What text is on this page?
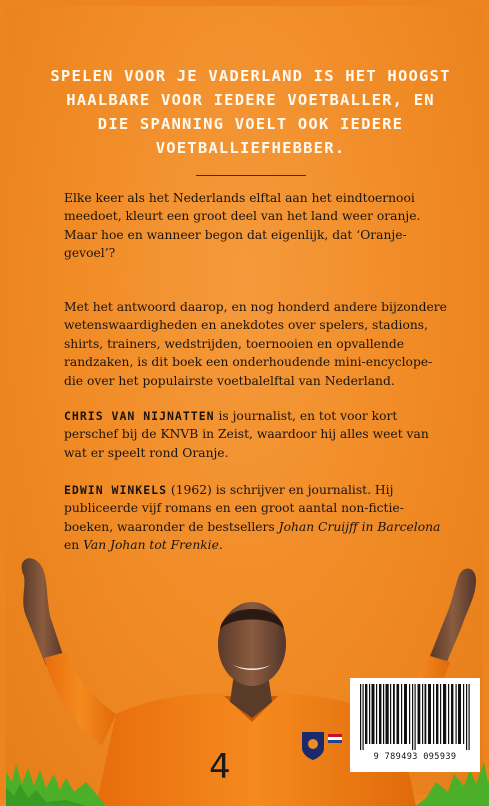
SPELEN VOOR JE VADERLAND IS HET HOOGST HAALBARE VOOR IEDERE VOETBALLER, EN DIE SPANNING VOELT OOK IEDERE VOETBALLIEFHEBBER.

Elke keer als het Nederlands elftal aan het eindtoernooi meedoet, kleurt een groot deel van het land weer oranje. Maar hoe en wanneer begon dat eigenlijk, dat ‘Oranje-gevoel’?

Met het antwoord daarop, en nog honderd andere bijzondere wetenswaardigheden en anekdotes over spelers, stadions, shirts, trainers, wedstrijden, toernooien en opvallende randzaken, is dit boek een onderhoudende mini-encyclope-die over het populairste voetbalelftal van Nederland.

CHRIS VAN NIJNATTEN is journalist, en tot voor kort perschef bij de KNVB in Zeist, waardoor hij alles weet van wat er speelt rond Oranje.

EDWIN WINKELS (1962) is schrijver en journalist. Hij publiceerde vijf romans en een groot aantal non-fictie-boeken, waaronder de bestsellers Johan Cruijff in Barcelona en Van Johan tot Frenkie.

4	9 789493 095939
